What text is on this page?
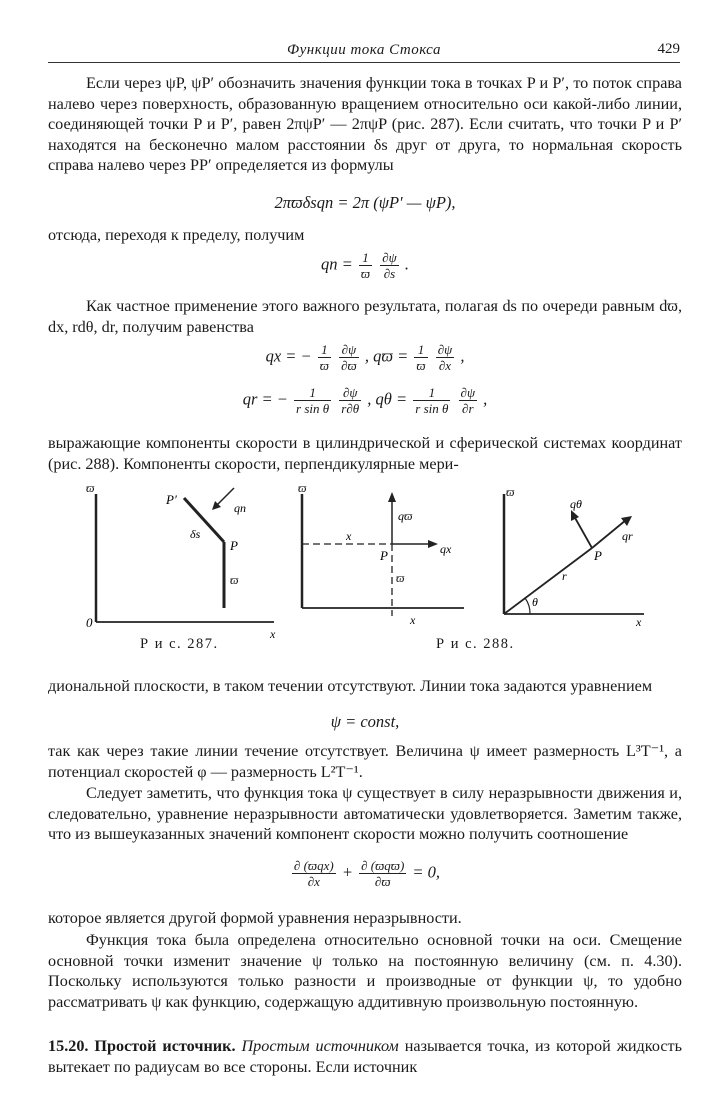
Функции тока Стокса	429
Если через ψP, ψP′ обозначить значения функции тока в точках P и P′, то поток справа налево через поверхность, образованную вращением относительно оси какой-либо линии, соединяющей точки P и P′, равен 2πψP′ — 2πψP (рис. 287). Если считать, что точки P и P′ находятся на бесконечно малом расстоянии δs друг от друга, то нормальная скорость справа налево через PP′ определяется из формулы
2πϖδsqn = 2π (ψP′ — ψP),
отсюда, переходя к пределу, получим
qn = $\frac{1}{ϖ}$
$\frac{\partial\psi}{\partial s}$ .
Как частное применение этого важного результата, полагая ds по очереди равным dϖ, dx, rdθ, dr, получим равенства
qx = − $\frac{1}{ϖ}$
$\frac{\partial\psi}{\partial ϖ}$ , $qϖ = \frac{1}{ϖ}$
$\frac{\partial\psi}{\partial x}$ ,
qr = − $\frac{1}{\text{r sin θ}}$
$\frac{\partial\psi}{r\partial\theta}$ , $q\theta = \frac{1}{\text{r sin θ}}$
$\frac{\partial\psi}{\partial r}$ ,
выражающие компоненты скорости в цилиндрической и сферической системах координат (рис. 288). Компоненты скорости, перпендикулярные мери-
ϖ
0
x
P′
P
δs
qn
ϖ
Р и с. 287.
ϖ
x
x
qϖ
qx
P
ϖ
Р и с. 288.
ϖ
x
qθ
qr
P
r
θ
диональной плоскости, в таком течении отсутствуют. Линии тока задаются уравнением
ψ = const,
так как через такие линии течение отсутствует. Величина ψ имеет размерность L³T⁻¹, а потенциал скоростей φ — размерность L²T⁻¹.
Следует заметить, что функция тока ψ существует в силу неразрывности движения и, следовательно, уравнение неразрывности автоматически удовлетворяется. Заметим также, что из вышеуказанных значений компонент скорости можно получить соотношение
$\frac{\text{∂ (ϖqx)}}{\partial x} + \frac{\text{∂ (ϖqϖ)}}{\partial ϖ} = 0$,
которое является другой формой уравнения неразрывности.
Функция тока была определена относительно основной точки на оси. Смещение основной точки изменит значение ψ только на постоянную величину (см. п. 4.30). Поскольку используются только разности и производные от функции ψ, то удобно рассматривать ψ как функцию, содержащую аддитивную произвольную постоянную.
15.20. Простой источник. Простым источником называется точка, из которой жидкость вытекает по радиусам во все стороны. Если источник
